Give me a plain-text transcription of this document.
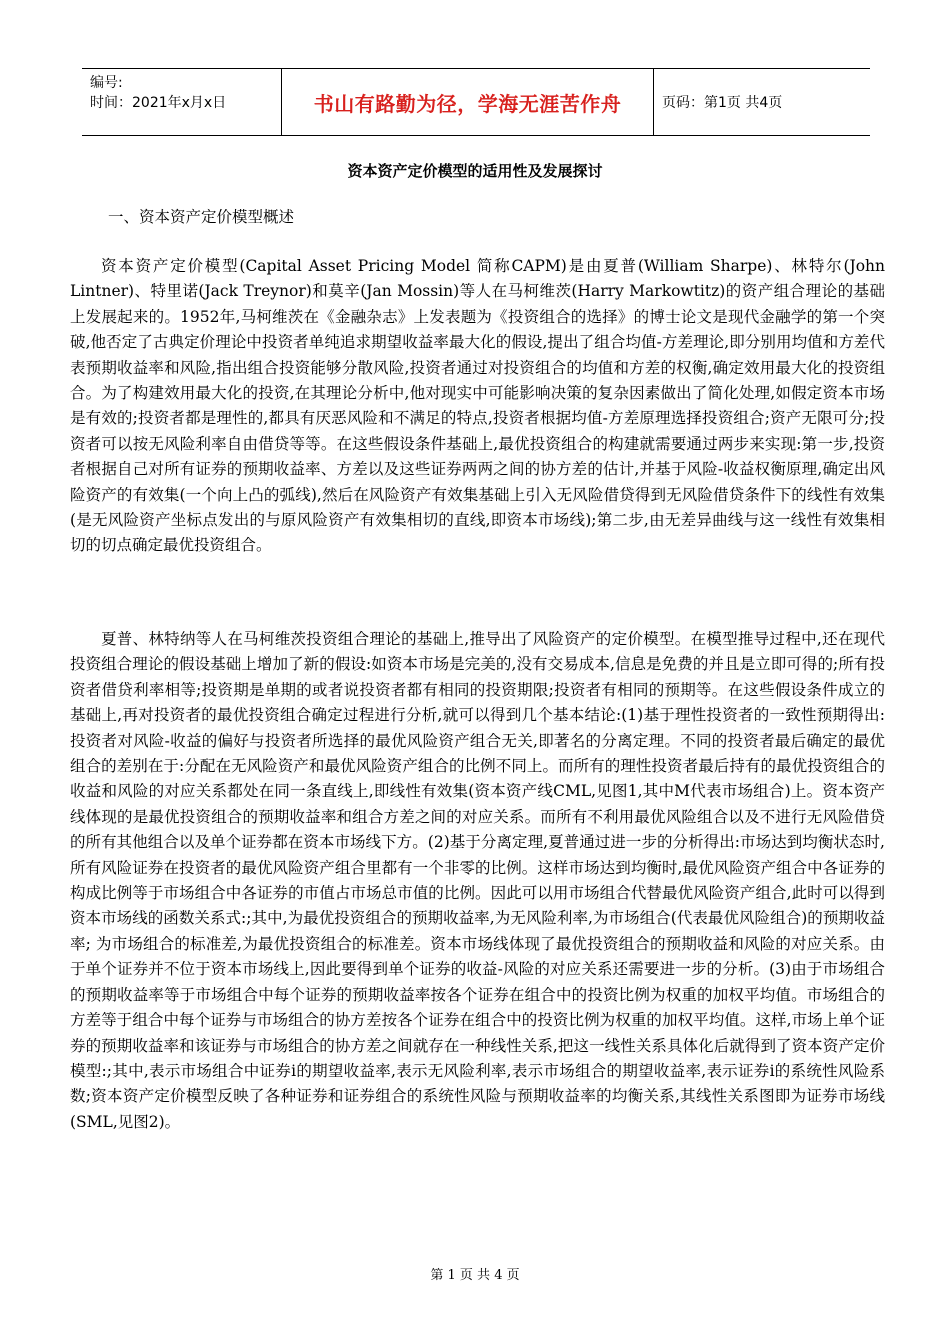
编号:
时间：2021年x月x日	书山有路勤为径，学海无涯苦作舟	页码：第1页 共4页
资本资产定价模型的适用性及发展探讨
一、资本资产定价模型概述

资本资产定价模型(Capital Asset Pricing Model 简称CAPM)是由夏普(William Sharpe)、林特尔(John Lintner)、特里诺(Jack Treynor)和莫辛(Jan Mossin)等人在马柯维茨(Harry Markowtitz)的资产组合理论的基础上发展起来的。1952年,马柯维茨在《金融杂志》上发表题为《投资组合的选择》的博士论文是现代金融学的第一个突破,他否定了古典定价理论中投资者单纯追求期望收益率最大化的假设,提出了组合均值-方差理论,即分别用均值和方差代表预期收益率和风险,指出组合投资能够分散风险,投资者通过对投资组合的均值和方差的权衡,确定效用最大化的投资组合。为了构建效用最大化的投资,在其理论分析中,他对现实中可能影响决策的复杂因素做出了简化处理,如假定资本市场是有效的;投资者都是理性的,都具有厌恶风险和不满足的特点,投资者根据均值-方差原理选择投资组合;资产无限可分;投资者可以按无风险利率自由借贷等等。在这些假设条件基础上,最优投资组合的构建就需要通过两步来实现:第一步,投资者根据自己对所有证券的预期收益率、方差以及这些证券两两之间的协方差的估计,并基于风险-收益权衡原理,确定出风险资产的有效集(一个向上凸的弧线),然后在风险资产有效集基础上引入无风险借贷得到无风险借贷条件下的线性有效集(是无风险资产坐标点发出的与原风险资产有效集相切的直线,即资本市场线);第二步,由无差异曲线与这一线性有效集相切的切点确定最优投资组合。

夏普、林特纳等人在马柯维茨投资组合理论的基础上,推导出了风险资产的定价模型。在模型推导过程中,还在现代投资组合理论的假设基础上增加了新的假设:如资本市场是完美的,没有交易成本,信息是免费的并且是立即可得的;所有投资者借贷利率相等;投资期是单期的或者说投资者都有相同的投资期限;投资者有相同的预期等。在这些假设条件成立的基础上,再对投资者的最优投资组合确定过程进行分析,就可以得到几个基本结论:(1)基于理性投资者的一致性预期得出:投资者对风险-收益的偏好与投资者所选择的最优风险资产组合无关,即著名的分离定理。不同的投资者最后确定的最优组合的差别在于:分配在无风险资产和最优风险资产组合的比例不同上。而所有的理性投资者最后持有的最优投资组合的收益和风险的对应关系都处在同一条直线上,即线性有效集(资本资产线CML,见图1,其中M代表市场组合)上。资本资产线体现的是最优投资组合的预期收益率和组合方差之间的对应关系。而所有不利用最优风险组合以及不进行无风险借贷的所有其他组合以及单个证券都在资本市场线下方。(2)基于分离定理,夏普通过进一步的分析得出:市场达到均衡状态时,所有风险证券在投资者的最优风险资产组合里都有一个非零的比例。这样市场达到均衡时,最优风险资产组合中各证券的构成比例等于市场组合中各证券的市值占市场总市值的比例。因此可以用市场组合代替最优风险资产组合,此时可以得到资本市场线的函数关系式:;其中,为最优投资组合的预期收益率,为无风险利率,为市场组合(代表最优风险组合)的预期收益率; 为市场组合的标准差,为最优投资组合的标准差。资本市场线体现了最优投资组合的预期收益和风险的对应关系。由于单个证券并不位于资本市场线上,因此要得到单个证券的收益-风险的对应关系还需要进一步的分析。(3)由于市场组合的预期收益率等于市场组合中每个证券的预期收益率按各个证券在组合中的投资比例为权重的加权平均值。市场组合的方差等于组合中每个证券与市场组合的协方差按各个证券在组合中的投资比例为权重的加权平均值。这样,市场上单个证券的预期收益率和该证券与市场组合的协方差之间就存在一种线性关系,把这一线性关系具体化后就得到了资本资产定价模型:;其中,表示市场组合中证券i的期望收益率,表示无风险利率,表示市场组合的期望收益率,表示证券i的系统性风险系数;资本资产定价模型反映了各种证券和证券组合的系统性风险与预期收益率的均衡关系,其线性关系图即为证券市场线(SML,见图2)。

第 1 页 共 4 页
